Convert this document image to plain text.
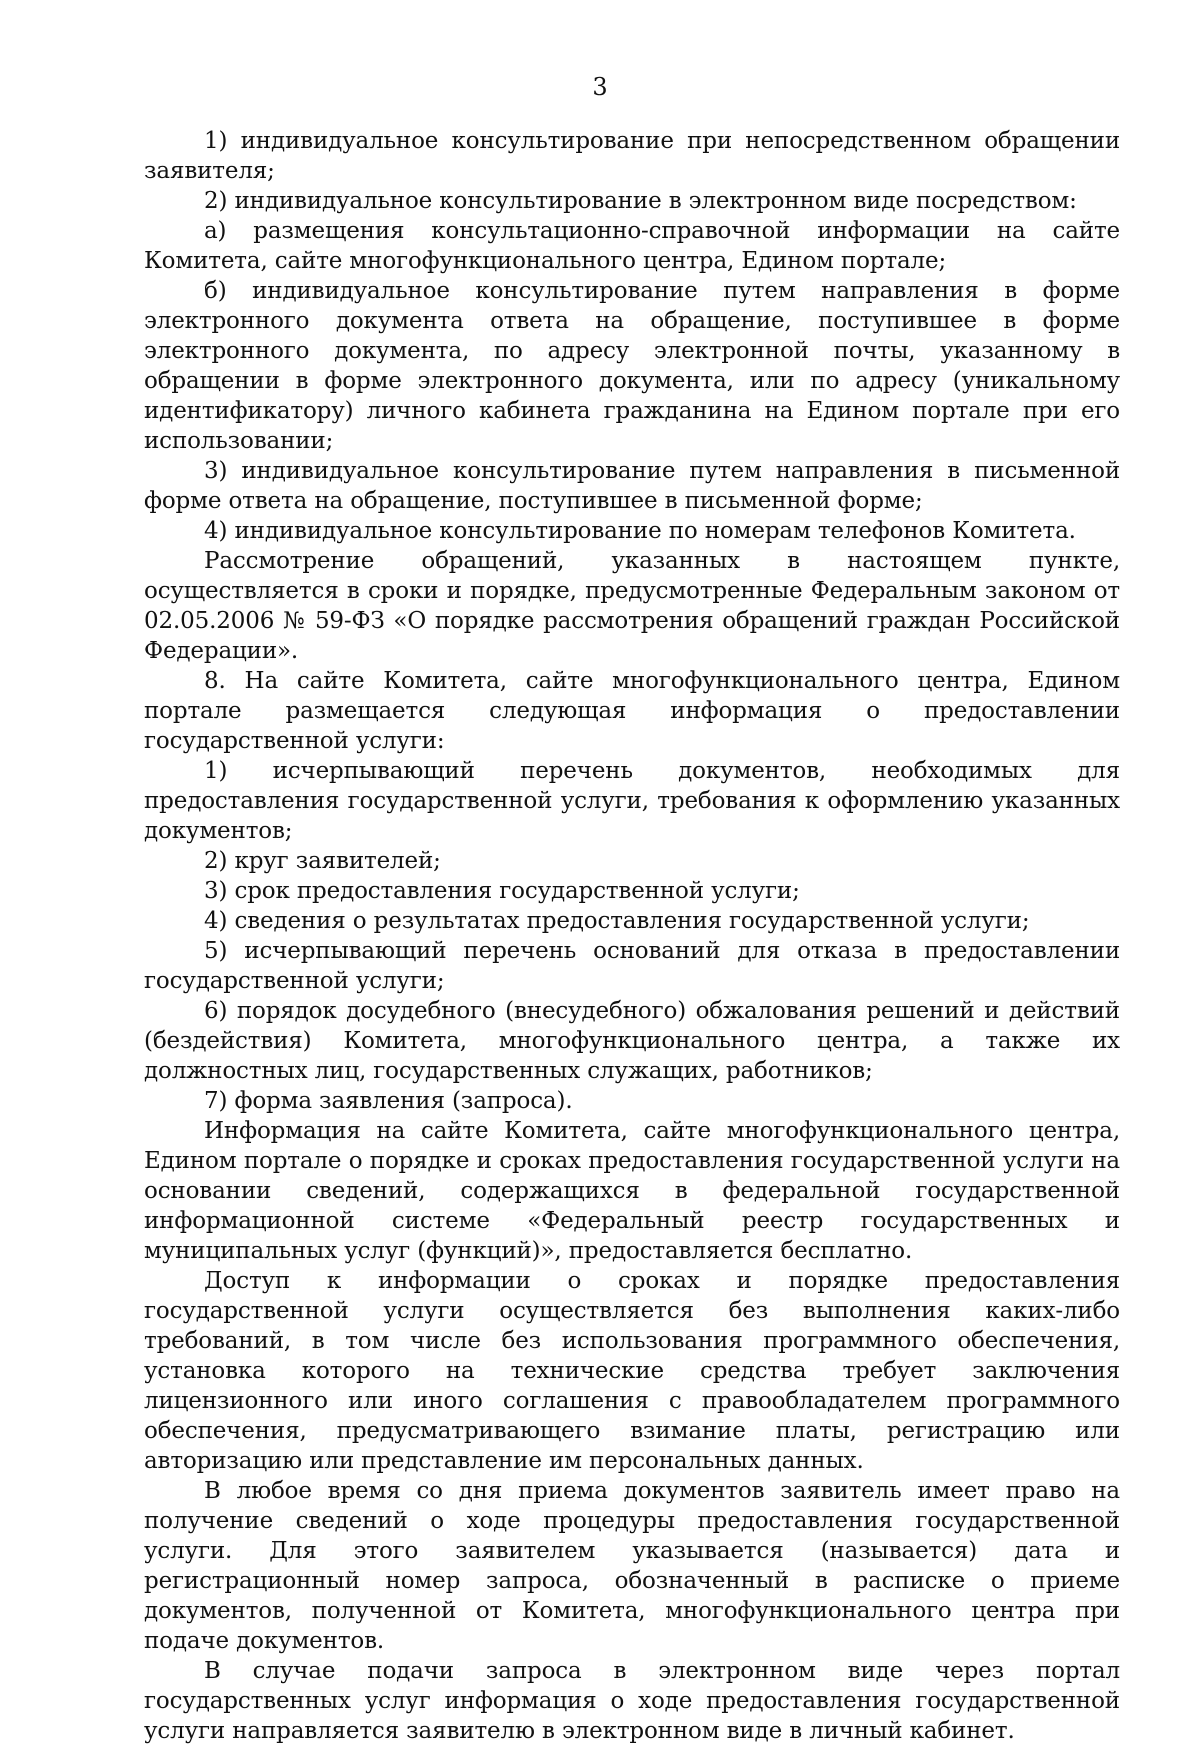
3

1) индивидуальное консультирование при непосредственном обращении заявителя;

2) индивидуальное консультирование в электронном виде посредством:

а) размещения консультационно-справочной информации на сайте Комитета, сайте многофункционального центра, Едином портале;

б) индивидуальное консультирование путем направления в форме электронного документа ответа на обращение, поступившее в форме электронного документа, по адресу электронной почты, указанному в обращении в форме электронного документа, или по адресу (уникальному идентификатору) личного кабинета гражданина на Едином портале при его использовании;

3) индивидуальное консультирование путем направления в письменной форме ответа на обращение, поступившее в письменной форме;

4) индивидуальное консультирование по номерам телефонов Комитета.

Рассмотрение обращений, указанных в настоящем пункте, осуществляется в сроки и порядке, предусмотренные Федеральным законом от 02.05.2006 № 59-ФЗ «О порядке рассмотрения обращений граждан Российской Федерации».

8. На сайте Комитета, сайте многофункционального центра, Едином портале размещается следующая информация о предоставлении государственной услуги:

1) исчерпывающий перечень документов, необходимых для предоставления государственной услуги, требования к оформлению указанных документов;

2) круг заявителей;

3) срок предоставления государственной услуги;

4) сведения о результатах предоставления государственной услуги;

5) исчерпывающий перечень оснований для отказа в предоставлении государственной услуги;

6) порядок досудебного (внесудебного) обжалования решений и действий (бездействия) Комитета, многофункционального центра, а также их должностных лиц, государственных служащих, работников;

7) форма заявления (запроса).

Информация на сайте Комитета, сайте многофункционального центра, Едином портале о порядке и сроках предоставления государственной услуги на основании сведений, содержащихся в федеральной государственной информационной системе «Федеральный реестр государственных и муниципальных услуг (функций)», предоставляется бесплатно.

Доступ к информации о сроках и порядке предоставления государственной услуги осуществляется без выполнения каких-либо требований, в том числе без использования программного обеспечения, установка которого на технические средства требует заключения лицензионного или иного соглашения с правообладателем программного обеспечения, предусматривающего взимание платы, регистрацию или авторизацию или представление им персональных данных.

В любое время со дня приема документов заявитель имеет право на получение сведений о ходе процедуры предоставления государственной услуги. Для этого заявителем указывается (называется) дата и регистрационный номер запроса, обозначенный в расписке о приеме документов, полученной от Комитета, многофункционального центра при подаче документов.

В случае подачи запроса в электронном виде через портал государственных услуг информация о ходе предоставления государственной услуги направляется заявителю в электронном виде в личный кабинет.
